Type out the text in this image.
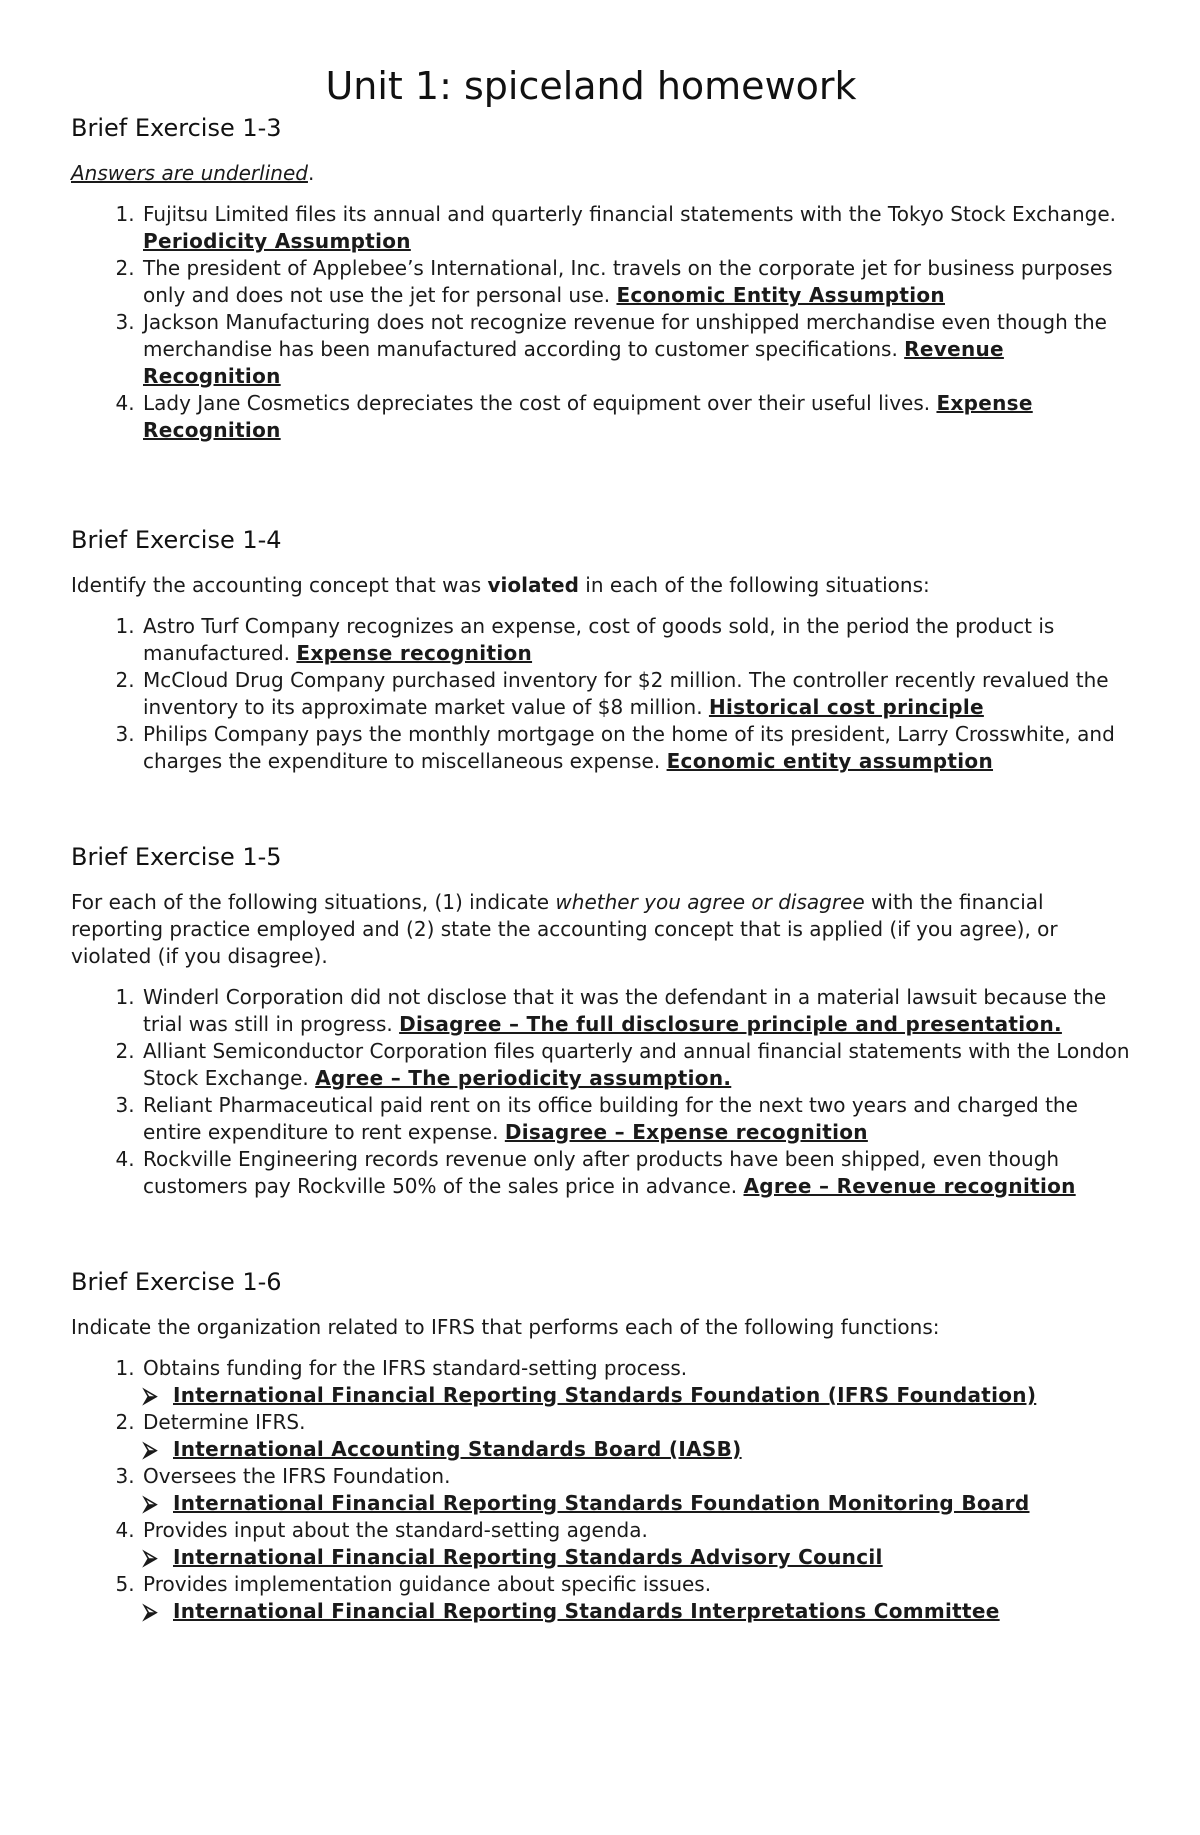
Unit 1: spiceland homework
Brief Exercise 1-3

Answers are underlined.

1. Fujitsu Limited files its annual and quarterly financial statements with the Tokyo Stock Exchange. Periodicity Assumption
2. The president of Applebee’s International, Inc. travels on the corporate jet for business purposes only and does not use the jet for personal use. Economic Entity Assumption
3. Jackson Manufacturing does not recognize revenue for unshipped merchandise even though the merchandise has been manufactured according to customer specifications. Revenue Recognition
4. Lady Jane Cosmetics depreciates the cost of equipment over their useful lives. Expense Recognition
Brief Exercise 1-4

Identify the accounting concept that was violated in each of the following situations:

1. Astro Turf Company recognizes an expense, cost of goods sold, in the period the product is manufactured. Expense recognition
2. McCloud Drug Company purchased inventory for $2 million. The controller recently revalued the inventory to its approximate market value of $8 million. Historical cost principle
3. Philips Company pays the monthly mortgage on the home of its president, Larry Crosswhite, and charges the expenditure to miscellaneous expense. Economic entity assumption
Brief Exercise 1-5

For each of the following situations, (1) indicate whether you agree or disagree with the financial reporting practice employed and (2) state the accounting concept that is applied (if you agree), or violated (if you disagree).

1. Winderl Corporation did not disclose that it was the defendant in a material lawsuit because the trial was still in progress. Disagree – The full disclosure principle and presentation.
2. Alliant Semiconductor Corporation files quarterly and annual financial statements with the London Stock Exchange. Agree – The periodicity assumption.
3. Reliant Pharmaceutical paid rent on its office building for the next two years and charged the entire expenditure to rent expense. Disagree – Expense recognition
4. Rockville Engineering records revenue only after products have been shipped, even though customers pay Rockville 50% of the sales price in advance. Agree – Revenue recognition
Brief Exercise 1-6

Indicate the organization related to IFRS that performs each of the following functions:

1. Obtains funding for the IFRS standard-setting process.
⮚ International Financial Reporting Standards Foundation (IFRS Foundation)
2. Determine IFRS.
⮚ International Accounting Standards Board (IASB)
3. Oversees the IFRS Foundation.
⮚ International Financial Reporting Standards Foundation Monitoring Board
4. Provides input about the standard-setting agenda.
⮚ International Financial Reporting Standards Advisory Council
5. Provides implementation guidance about specific issues.
⮚ International Financial Reporting Standards Interpretations Committee
